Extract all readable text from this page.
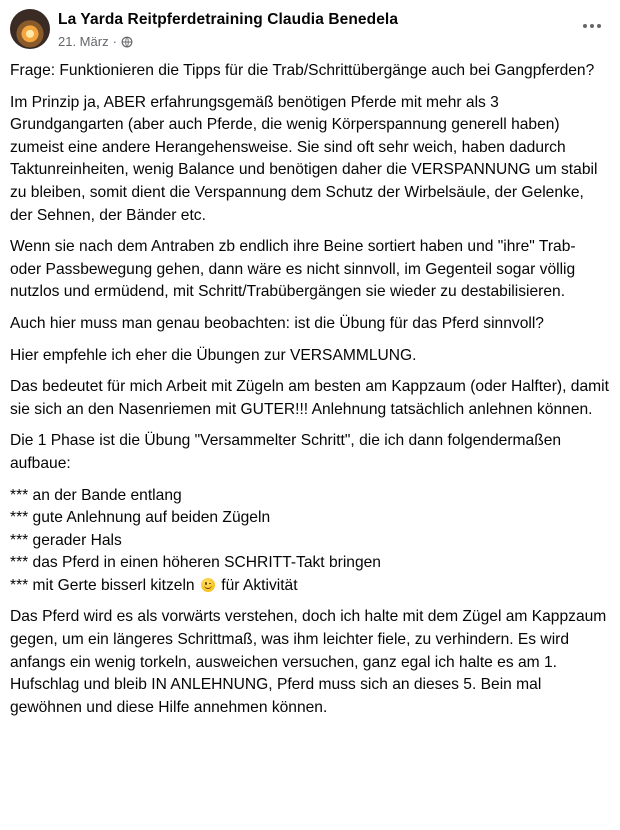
La Yarda Reitpferdetraining Claudia Benedela
21. März ·

Frage: Funktionieren die Tipps für die Trab/Schrittübergänge auch bei Gangpferden?

Im Prinzip ja, ABER erfahrungsgemäß benötigen Pferde mit mehr als 3 Grundgangarten (aber auch Pferde, die wenig Körperspannung generell haben) zumeist eine andere Herangehensweise. Sie sind oft sehr weich, haben dadurch Taktunreinheiten, wenig Balance und benötigen daher die VERSPANNUNG um stabil zu bleiben, somit dient die Verspannung dem Schutz der Wirbelsäule, der Gelenke, der Sehnen, der Bänder etc.

Wenn sie nach dem Antraben zb endlich ihre Beine sortiert haben und "ihre" Trab- oder Passbewegung gehen, dann wäre es nicht sinnvoll, im Gegenteil sogar völlig nutzlos und ermüdend, mit Schritt/Trabübergängen sie wieder zu destabilisieren.

Auch hier muss man genau beobachten: ist die Übung für das Pferd sinnvoll?

Hier empfehle ich eher die Übungen zur VERSAMMLUNG.

Das bedeutet für mich Arbeit mit Zügeln am besten am Kappzaum (oder Halfter), damit sie sich an den Nasenriemen mit GUTER!!! Anlehnung tatsächlich anlehnen können.

Die 1 Phase ist die Übung "Versammelter Schritt", die ich dann folgendermaßen aufbaue:

*** an der Bande entlang
*** gute Anlehnung auf beiden Zügeln
*** gerader Hals
*** das Pferd in einen höheren SCHRITT-Takt bringen
*** mit Gerte bisserl kitzeln
für Aktivität

Das Pferd wird es als vorwärts verstehen, doch ich halte mit dem Zügel am Kappzaum gegen, um ein längeres Schrittmaß, was ihm leichter fiele, zu verhindern. Es wird anfangs ein wenig torkeln, ausweichen versuchen, ganz egal ich halte es am 1. Hufschlag und bleib IN ANLEHNUNG, Pferd muss sich an dieses 5. Bein mal gewöhnen und diese Hilfe annehmen können.
